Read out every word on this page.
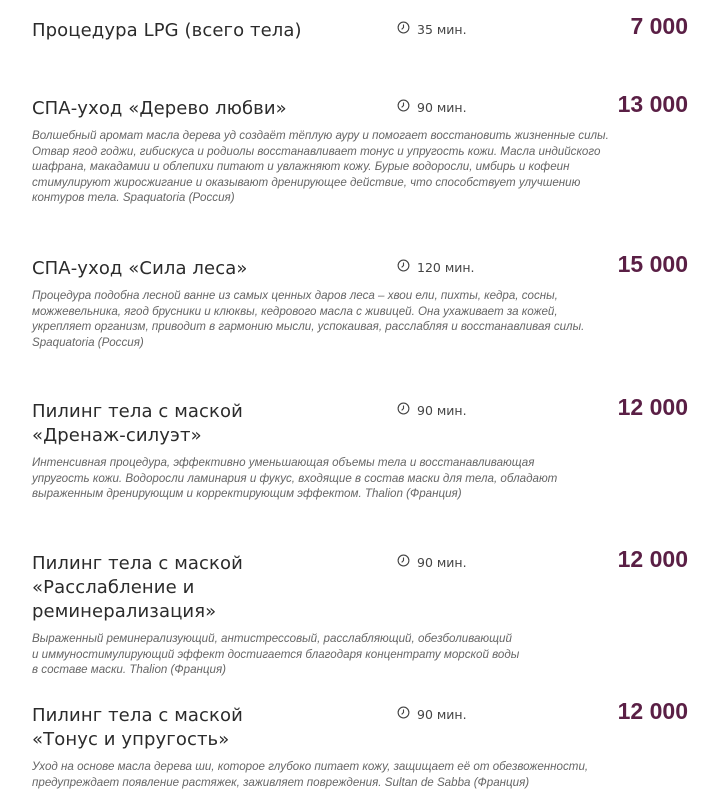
Процедура LPG (всего тела)	35 мин.	7 000
СПА-уход «Дерево любви»	90 мин.	13 000
Волшебный аромат масла дерева уд создаёт тёплую ауру и помогает восстановить жизненные силы.
Отвар ягод годжи, гибискуса и родиолы восстанавливает тонус и упругость кожи. Масла индийского
шафрана, макадамии и облепихи питают и увлажняют кожу. Бурые водоросли, имбирь и кофеин
стимулируют жиросжигание и оказывают дренирующее действие, что способствует улучшению
контуров тела. Spaquatoria (Россия)
СПА-уход «Сила леса»	120 мин.	15 000
Процедура подобна лесной ванне из самых ценных даров леса – хвои ели, пихты, кедра, сосны,
можжевельника, ягод брусники и клюквы, кедрового масла с живицей. Она ухаживает за кожей,
укрепляет организм, приводит в гармонию мысли, успокаивая, расслабляя и восстанавливая силы.
Spaquatoria (Россия)
Пилинг тела с маской
«Дренаж-силуэт»
90 мин.	12 000
Интенсивная процедура, эффективно уменьшающая объемы тела и восстанавливающая
упругость кожи. Водоросли ламинария и фукус, входящие в состав маски для тела, обладают
выраженным дренирующим и корректирующим эффектом. Thalion (Франция)
Пилинг тела с маской
«Расслабление и реминерализация»
90 мин.	12 000
Выраженный реминерализующий, антистрессовый, расслабляющий, обезболивающий
и иммуностимулирующий эффект достигается благодаря концентрату морской воды
в составе маски. Thalion (Франция)
Пилинг тела с маской
«Тонус и упругость»
90 мин.	12 000
Уход на основе масла дерева ши, которое глубоко питает кожу, защищает её от обезвоженности,
предупреждает появление растяжек, заживляет повреждения. Sultan de Sabba (Франция)
